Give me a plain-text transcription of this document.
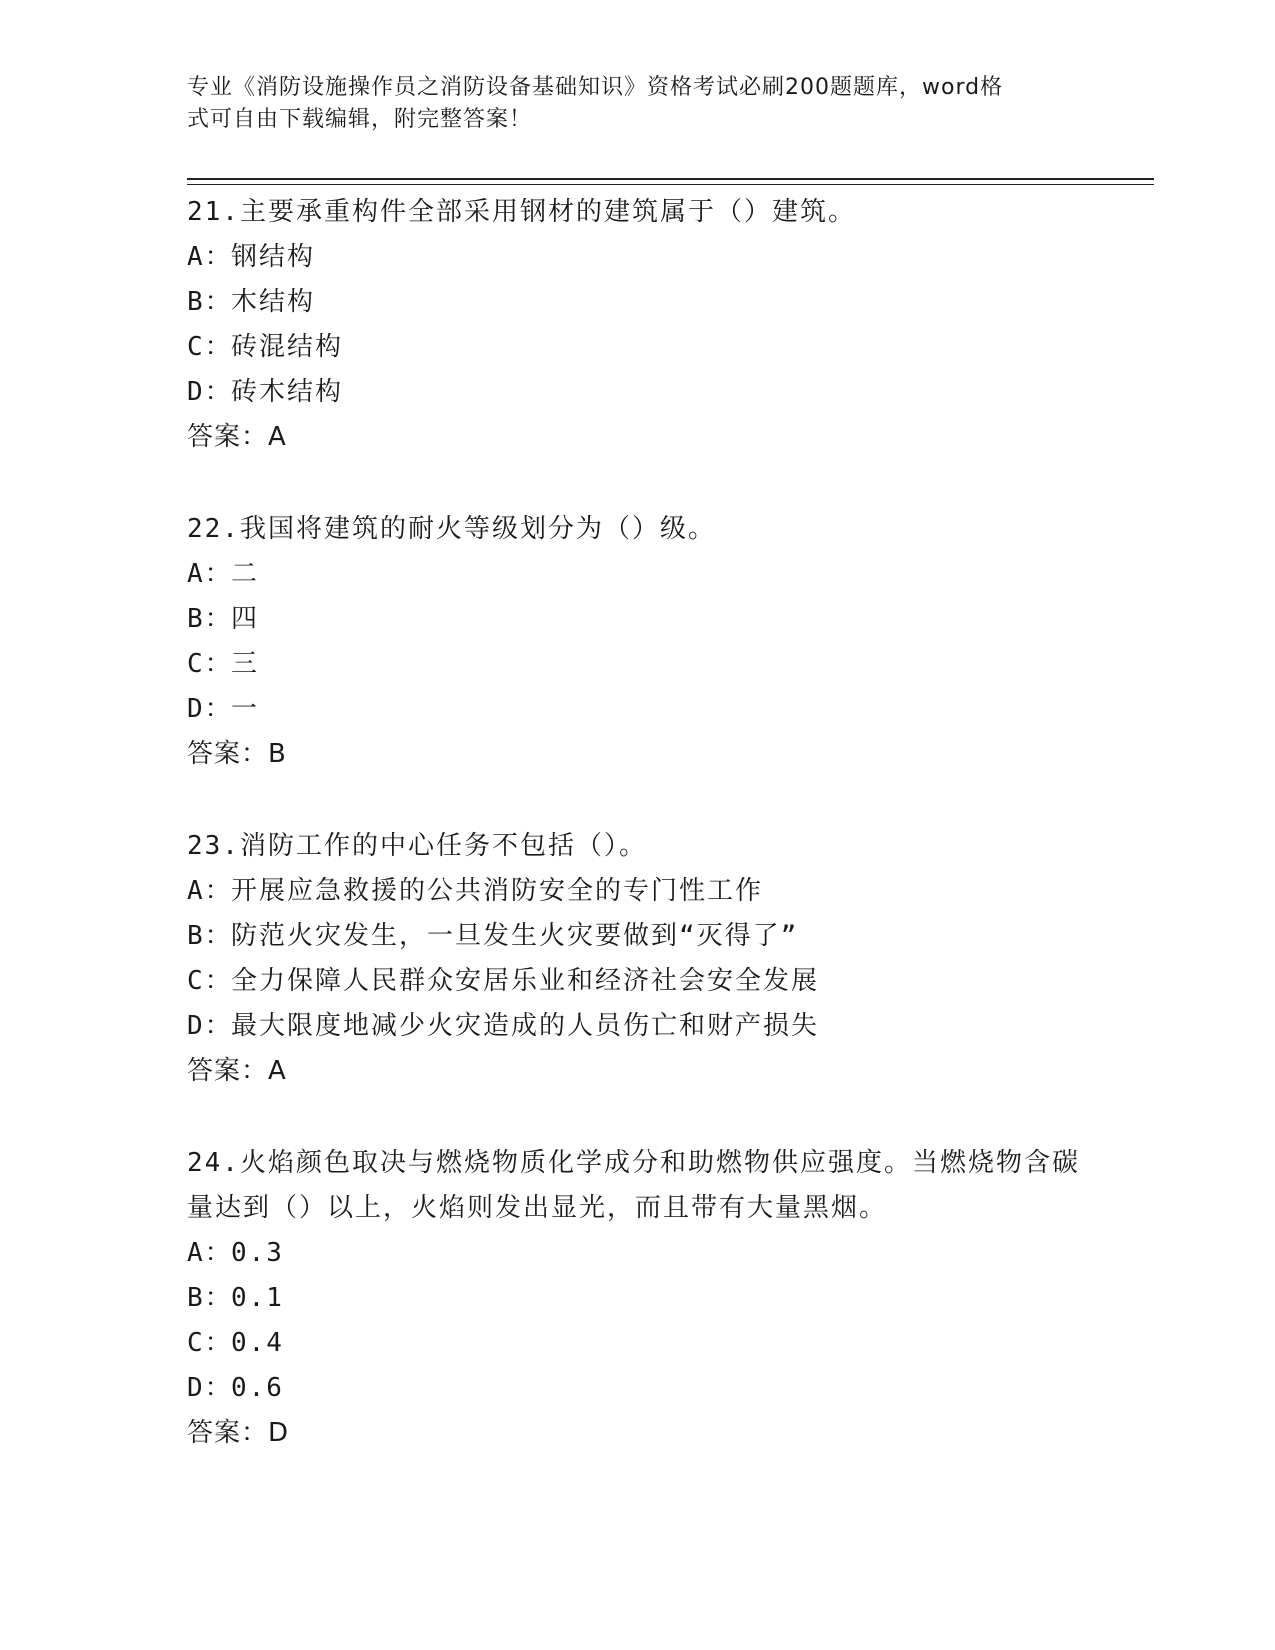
专业《消防设施操作员之消防设备基础知识》资格考试必刷200题题库，word格
式可自由下载编辑，附完整答案！

21.主要承重构件全部采用钢材的建筑属于（）建筑。

A：
钢结构
B：
木结构
C：
砖混结构
D：
砖木结构
答案：A

22.我国将建筑的耐火等级划分为（）级。

A：
二
B：
四
C：
三
D：
一
答案：B

23.消防工作的中心任务不包括（）。

A：
开展应急救援的公共消防安全的专门性工作
B：
防范火灾发生，一旦发生火灾要做到“灭得了”
C：
全力保障人民群众安居乐业和经济社会安全发展
D：
最大限度地减少火灾造成的人员伤亡和财产损失
答案：A

24.火焰颜色取决与燃烧物质化学成分和助燃物供应强度。当燃烧物含碳量达到（）以上，火焰则发出显光，而且带有大量黑烟。

A：
0.3
B：
0.1
C：
0.4
D：
0.6
答案：D
